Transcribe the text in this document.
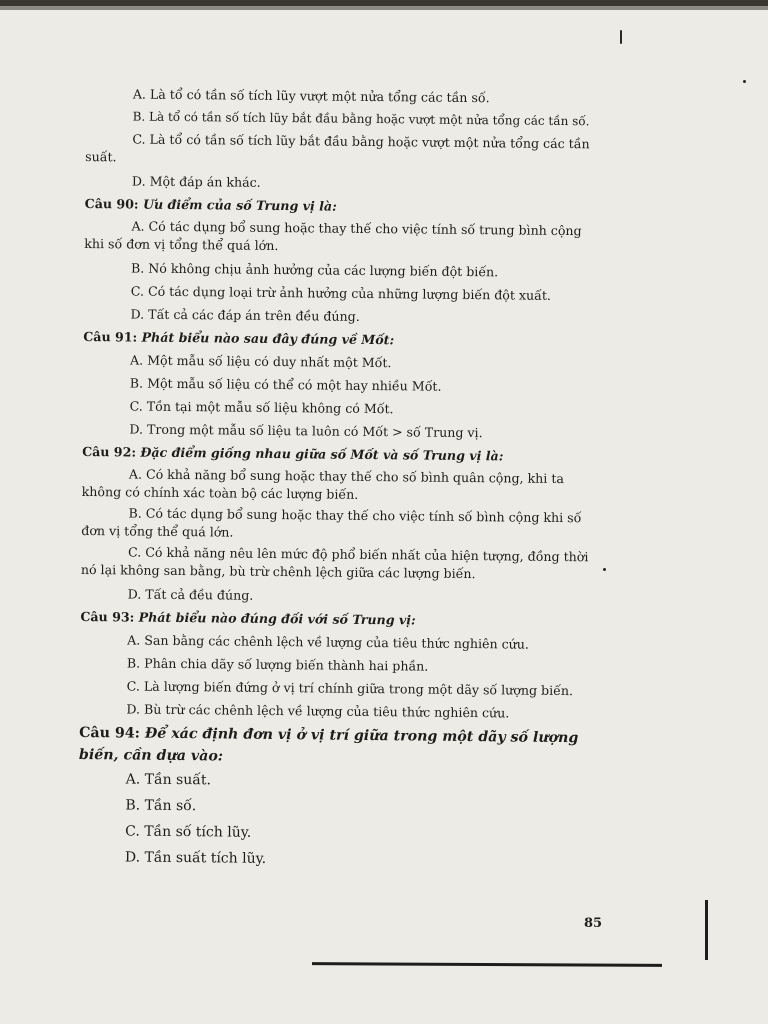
A. Là tổ có tần số tích lũy vượt một nửa tổng các tần số.
B. Là tổ có tần số tích lũy bắt đầu bằng hoặc vượt một nửa tổng các tần số.
C. Là tổ có tần số tích lũy bắt đầu bằng hoặc vượt một nửa tổng các tần suất.
D. Một đáp án khác.
Câu 90: Ưu điểm của số Trung vị là:
A. Có tác dụng bổ sung hoặc thay thế cho việc tính số trung bình cộng khi số đơn vị tổng thể quá lớn.
B. Nó không chịu ảnh hưởng của các lượng biến đột biến.
C. Có tác dụng loại trừ ảnh hưởng của những lượng biến đột xuất.
D. Tất cả các đáp án trên đều đúng.
Câu 91: Phát biểu nào sau đây đúng về Mốt:
A. Một mẫu số liệu có duy nhất một Mốt.
B. Một mẫu số liệu có thể có một hay nhiều Mốt.
C. Tồn tại một mẫu số liệu không có Mốt.
D. Trong một mẫu số liệu ta luôn có Mốt > số Trung vị.
Câu 92: Đặc điểm giống nhau giữa số Mốt và số Trung vị là:
A. Có khả năng bổ sung hoặc thay thế cho số bình quân cộng, khi ta không có chính xác toàn bộ các lượng biến.
B. Có tác dụng bổ sung hoặc thay thế cho việc tính số bình cộng khi số đơn vị tổng thể quá lớn.
C. Có khả năng nêu lên mức độ phổ biến nhất của hiện tượng, đồng thời nó lại không san bằng, bù trừ chênh lệch giữa các lượng biến.
D. Tất cả đều đúng.
Câu 93: Phát biểu nào đúng đối với số Trung vị:
A. San bằng các chênh lệch về lượng của tiêu thức nghiên cứu.
B. Phân chia dãy số lượng biến thành hai phần.
C. Là lượng biến đứng ở vị trí chính giữa trong một dãy số lượng biến.
D. Bù trừ các chênh lệch về lượng của tiêu thức nghiên cứu.
Câu 94: Để xác định đơn vị ở vị trí giữa trong một dãy số lượng biến, cần dựa vào:
A. Tần suất.
B. Tần số.
C. Tần số tích lũy.
D. Tần suất tích lũy.
85
